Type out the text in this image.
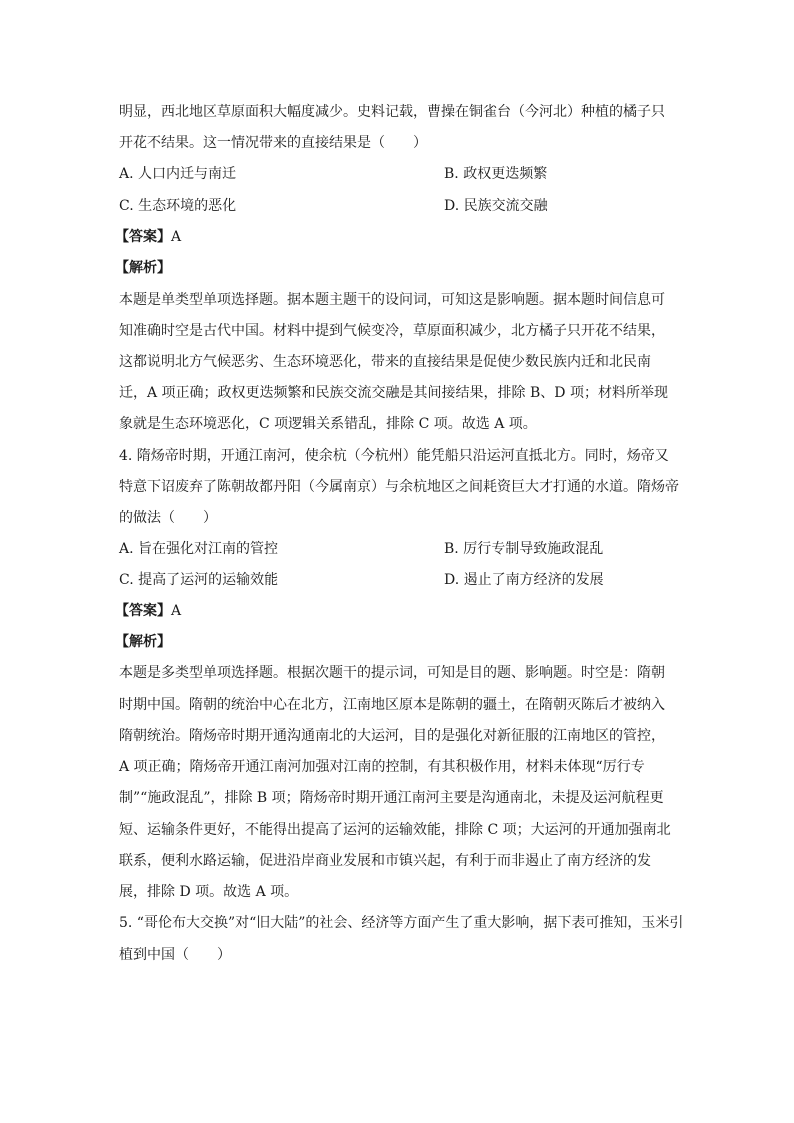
明显，西北地区草原面积大幅度减少。史料记载，曹操在铜雀台（今河北）种植的橘子只
开花不结果。这一情况带来的直接结果是（　　）
A. 人口内迁与南迁	B. 政权更迭频繁
C. 生态环境的恶化	D. 民族交流交融
【答案】A
【解析】
本题是单类型单项选择题。据本题主题干的设问词，可知这是影响题。据本题时间信息可
知准确时空是古代中国。材料中提到气候变冷，草原面积减少，北方橘子只开花不结果，
这都说明北方气候恶劣、生态环境恶化，带来的直接结果是促使少数民族内迁和北民南
迁，A 项正确；政权更迭频繁和民族交流交融是其间接结果，排除 B、D 项；材料所举现
象就是生态环境恶化，C 项逻辑关系错乱，排除 C 项。故选 A 项。
4. 隋炀帝时期，开通江南河，使余杭（今杭州）能凭船只沿运河直抵北方。同时，炀帝又
特意下诏废弃了陈朝故都丹阳（今属南京）与余杭地区之间耗资巨大才打通的水道。隋炀帝
的做法（　　）
A. 旨在强化对江南的管控	B. 厉行专制导致施政混乱
C. 提高了运河的运输效能	D. 遏止了南方经济的发展
【答案】A
【解析】
本题是多类型单项选择题。根据次题干的提示词，可知是目的题、影响题。时空是：隋朝
时期中国。隋朝的统治中心在北方，江南地区原本是陈朝的疆土，在隋朝灭陈后才被纳入
隋朝统治。隋炀帝时期开通沟通南北的大运河，目的是强化对新征服的江南地区的管控，
A 项正确；隋炀帝开通江南河加强对江南的控制，有其积极作用，材料未体现“厉行专
制”“施政混乱”，排除 B 项；隋炀帝时期开通江南河主要是沟通南北，未提及运河航程更
短、运输条件更好，不能得出提高了运河的运输效能，排除 C 项；大运河的开通加强南北
联系，便利水路运输，促进沿岸商业发展和市镇兴起，有利于而非遏止了南方经济的发
展，排除 D 项。故选 A 项。
5. “哥伦布大交换”对“旧大陆”的社会、经济等方面产生了重大影响，据下表可推知，玉米引
植到中国（　　）
